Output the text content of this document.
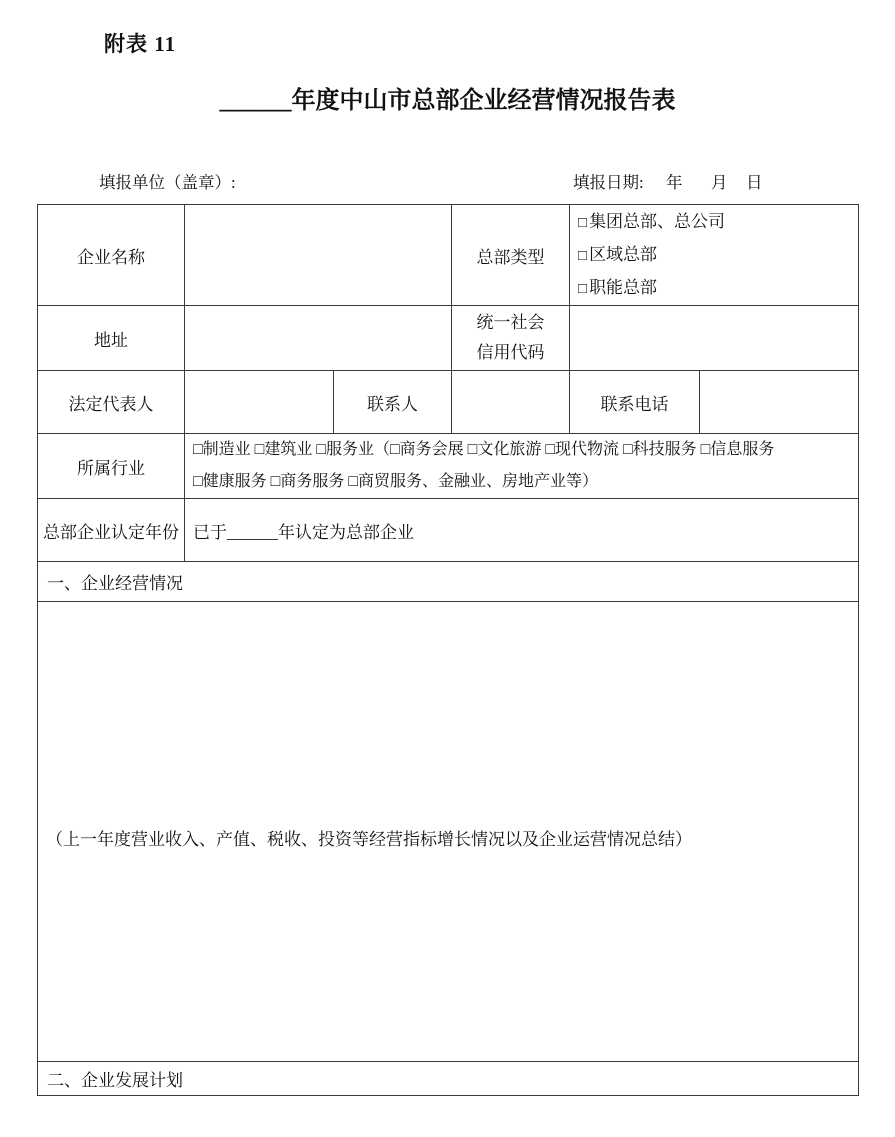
附表 11
______年度中山市总部企业经营情况报告表
填报单位（盖章）:	填报日期: 年 月 日
企业名称			总部类型	□ 集团总部、总公司
□ 区域总部
□ 职能总部	

地址			统一社会
信用代码		

法定代表人		联系人		联系电话	
所属行业	□制造业 □建筑业 □服务业（□商务会展 □文化旅游 □现代物流 □科技服务 □信息服务
□健康服务 □商务服务 □商贸服务、金融业、房地产业等）				

总部企业认定年份	已于______年认定为总部企业				
一、企业经营情况					

（上一年度营业收入、产值、税收、投资等经营指标增长情况以及企业运营情况总结）					

二、企业发展计划					
